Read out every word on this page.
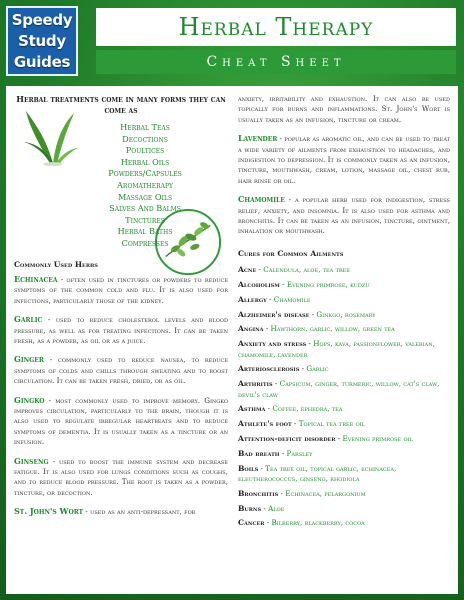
Speedy
Study
Guides
Herbal Therapy
Cheat Sheet
Herbal treatments come in many forms they can come as
Herbal Teas
Decoctions
Poultices
Herbal Oils
Powders/Capsules
Aromatherapy
Massage Oils
Salves And Balms
Tinctures
Herbal Baths
Compresses
Commonly Used Herbs
Echinacea - often used in tinctures or powders to reduce symptoms of the common cold and flu. It is also used for infections, particularly those of the kidney.
Garlic - used to reduce cholesterol levels and blood pressure, as well as for treating infections. It can be taken fresh, as a powder, as oil or as a juice.
Ginger - commonly used to reduce nausea, to reduce symptoms of colds and chills through sweating and to boost circulation. It can be taken fresh, dried, or as oil.
Gingko - most commonly used to improve memory. Gingko improves circulation, particularly to the brain, though it is also used to regulate irregular heartbeats and to reduce symptoms of dementia. It is usually taken as a tincture or an infusion.
Ginseng - used to boost the immune system and decrease fatigue. It is also used for lungs conditions such as coughs, and to reduce blood pressure. The root is taken as a powder, tincture, or decoction.
St. John's Wort - used as an anti-depressant, for
anxiety, irritability and exhaustion. It can also be used topically for burns and inflammations. St. John's Wort is usually taken as an infusion, tincture or cream.
Lavender - popular as aromatic oil, and can be used to treat a wide variety of ailments from exhaustion to headaches, and indigestion to depression. It is commonly taken as an infusion, tincture, mouthwash, cream, lotion, massage oil, chest rub, hair rinse or oil.
Chamomile - a popular herb used for indigestion, stress relief, anxiety, and insomnia. It is also used for asthma and bronchitis. It can be taken as an infusion, tincture, ointment, inhalation or mouthwash.
Cures for Common Ailments
Acne - Calendula, aloe, tea tree
Alcoholism - Evening primrose, kudzu
Allergy - Chamomile
Alzheimer's disease - Ginkgo, rosemary
Angina - Hawthorn, garlic, willow, green tea
Anxiety and stress - Hops, kava, passionflower, valerian, chamomile, lavender
Arteriosclerosis - Garlic
Arthritis - Capsicum, ginger, turmeric, willow, cat's claw, devil's claw
Asthma - Coffee, ephedra, tea
Athlete's foot - Topical tea tree oil
Attention-deficit disorder - Evening primrose oil
Bad breath - Parsley
Boils - Tea tree oil, topical garlic, echinacea, eleutherococcus, ginseng, rhodiola
Bronchitis - Echinacea, pelargonium
Burns - Aloe
Cancer - Bilberry, blackberry, cocoa
